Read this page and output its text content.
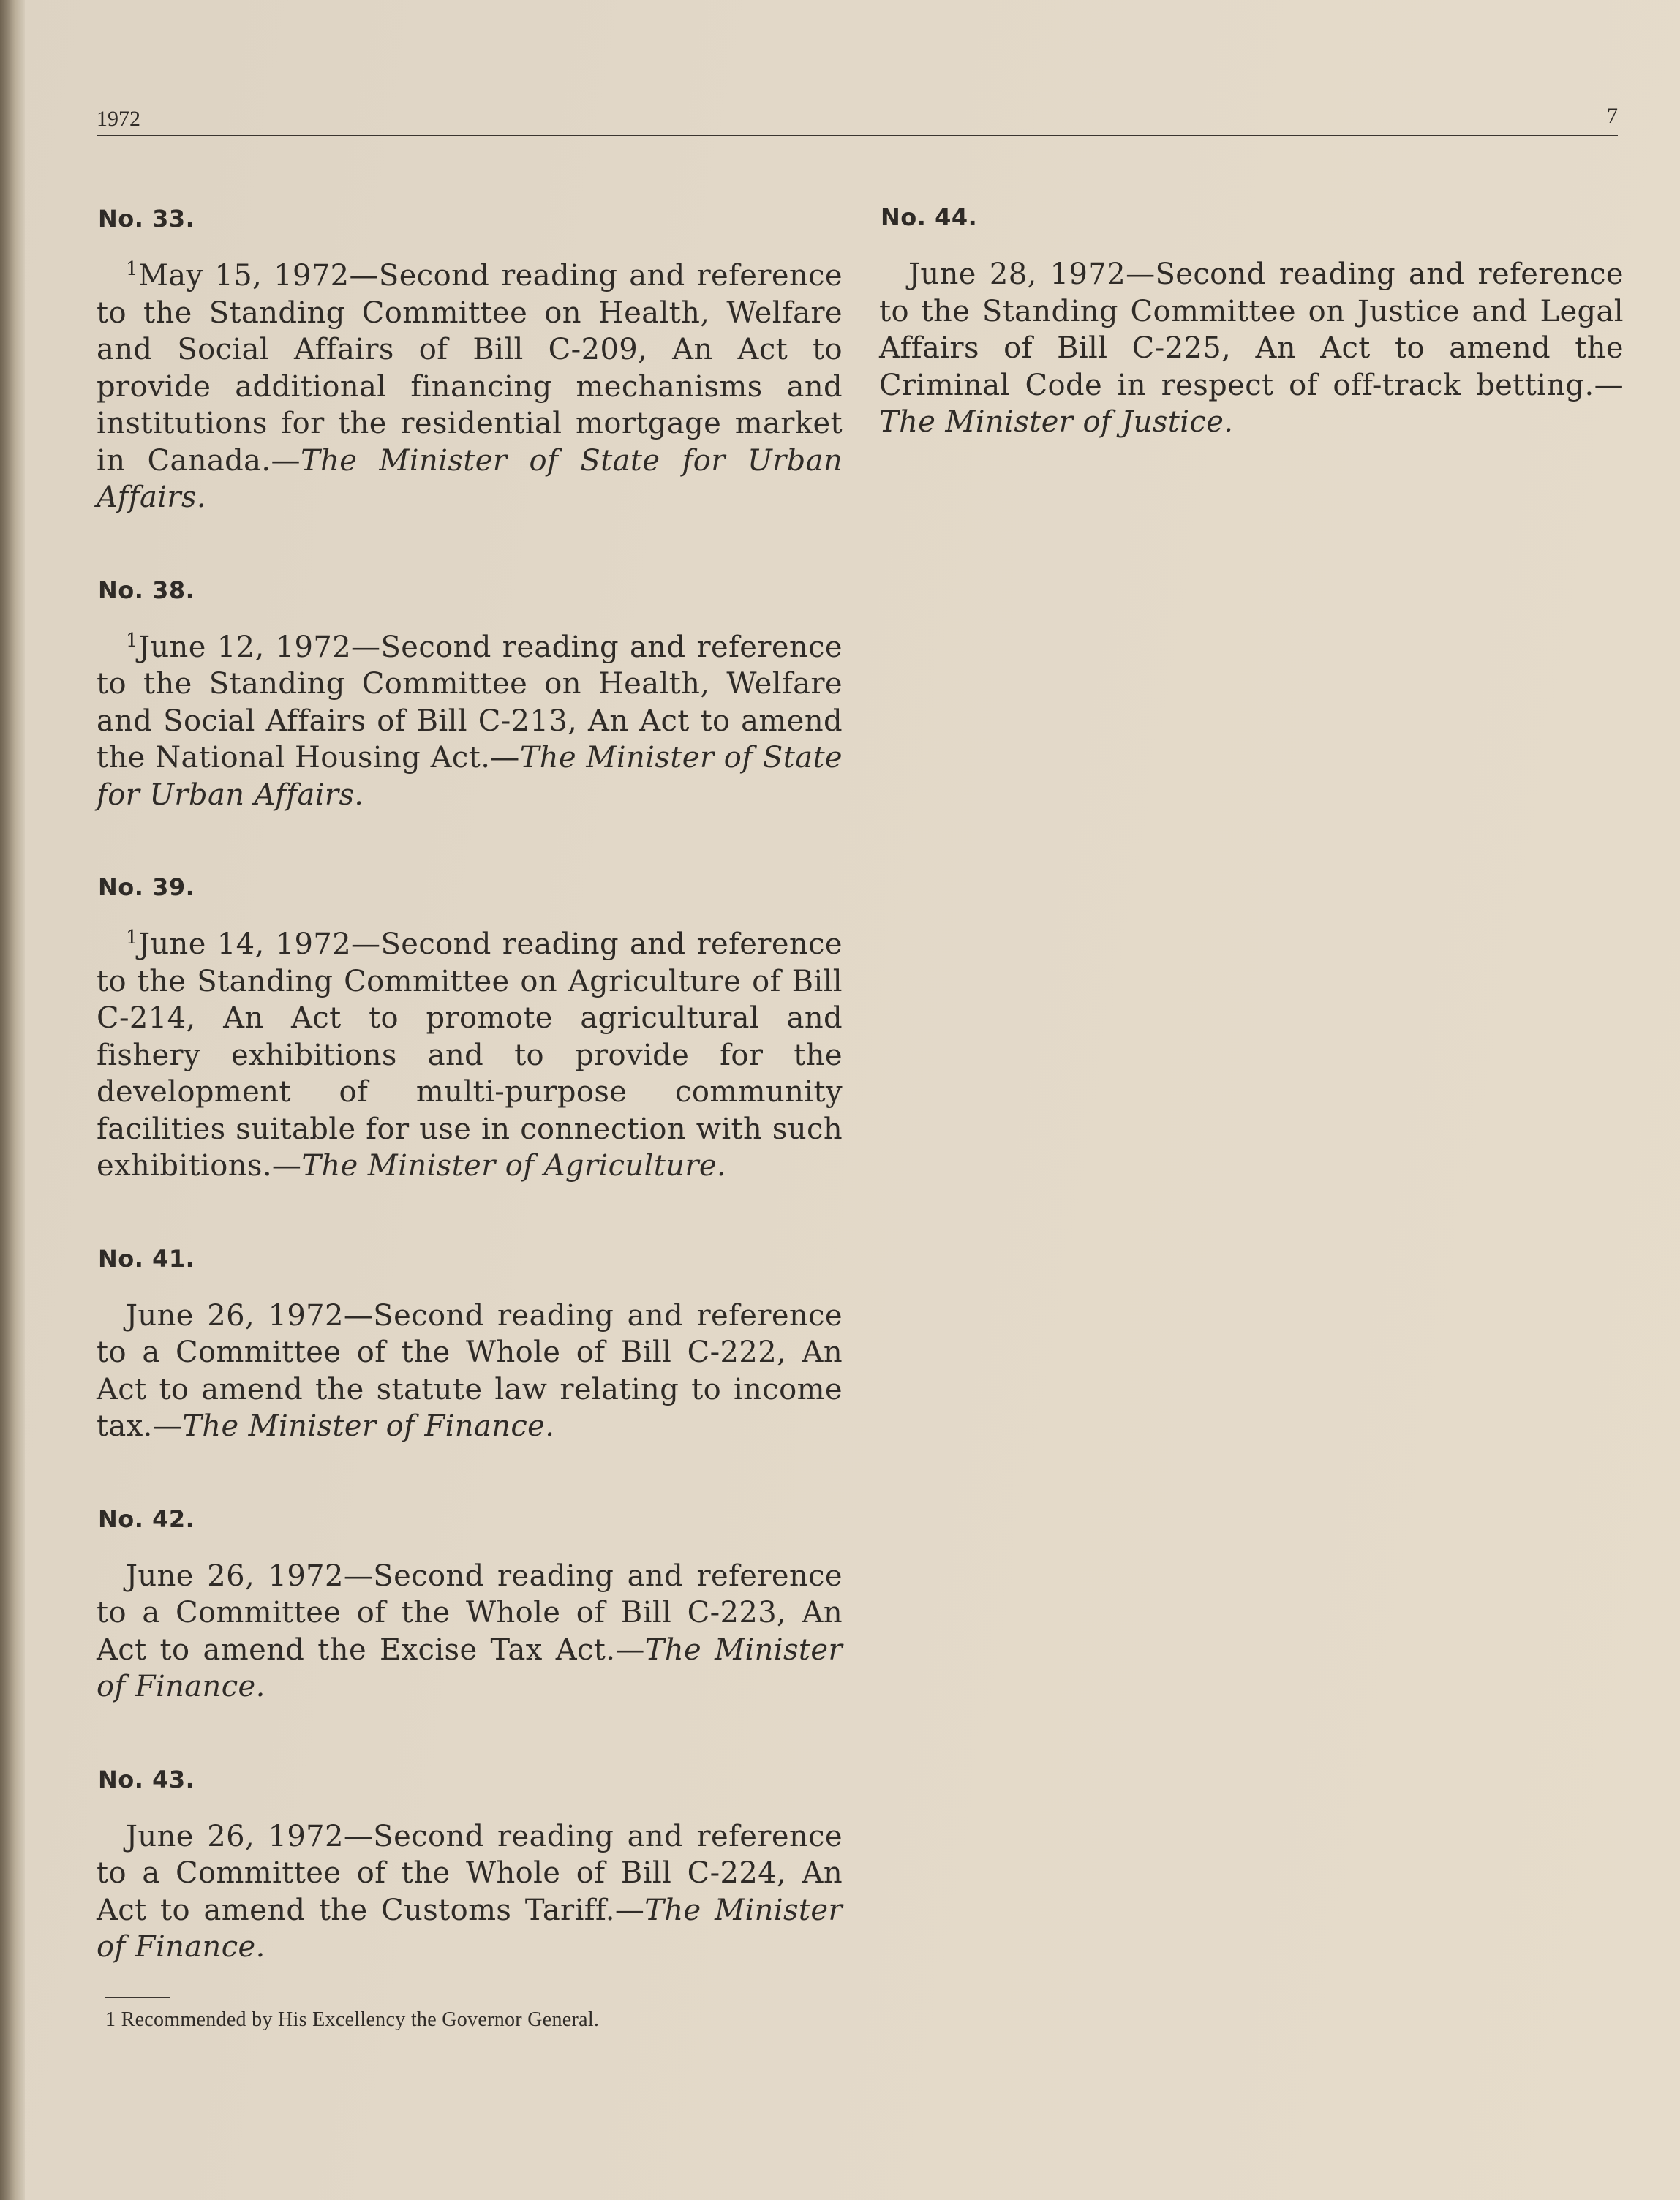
1972	7
No. 33.

$^1$May 15, 1972—Second reading and reference to the Standing Committee on Health, Welfare and Social Affairs of Bill C-209, An Act to provide additional financing mechanisms and institutions for the residential mortgage market in Canada.—The Minister of State for Urban Affairs.

No. 38.

$^1$June 12, 1972—Second reading and reference to the Standing Committee on Health, Welfare and Social Affairs of Bill C-213, An Act to amend the National Housing Act.—The Minister of State for Urban Affairs.

No. 39.

$^1$June 14, 1972—Second reading and reference to the Standing Committee on Agriculture of Bill C-214, An Act to promote agricultural and fishery exhibitions and to provide for the development of multi-purpose community facilities suitable for use in connection with such exhibitions.—The Minister of Agriculture.

No. 41.

June 26, 1972—Second reading and reference to a Committee of the Whole of Bill C-222, An Act to amend the statute law relating to income tax.—The Minister of Finance.

No. 42.

June 26, 1972—Second reading and reference to a Committee of the Whole of Bill C-223, An Act to amend the Excise Tax Act.—The Minister of Finance.

No. 43.

June 26, 1972—Second reading and reference to a Committee of the Whole of Bill C-224, An Act to amend the Customs Tariff.—The Minister of Finance.

1 Recommended by His Excellency the Governor General.
No. 44.

June 28, 1972—Second reading and reference to the Standing Committee on Justice and Legal Affairs of Bill C-225, An Act to amend the Criminal Code in respect of off-track betting.—The Minister of Justice.
